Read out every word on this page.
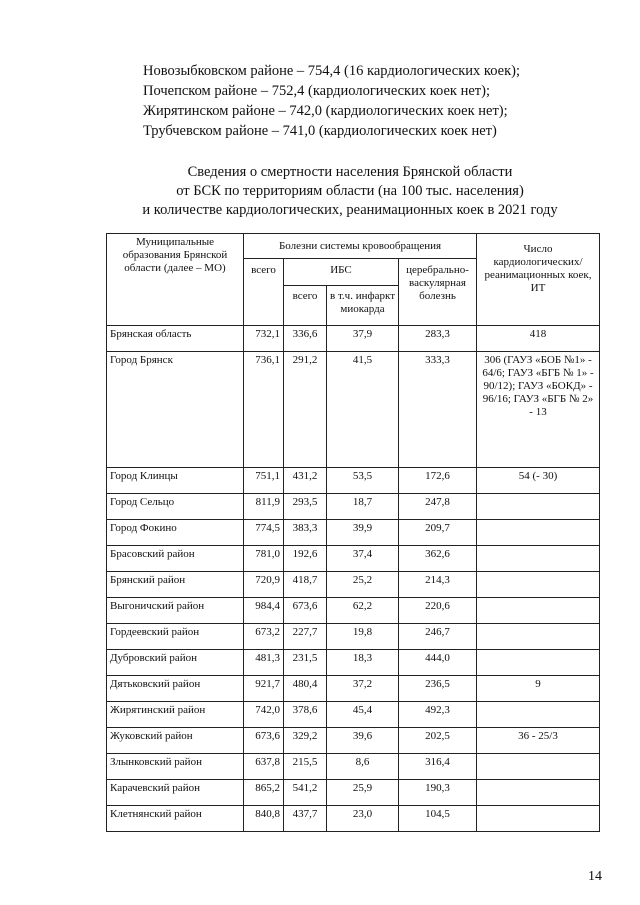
Новозыбковском районе – 754,4 (16 кардиологических коек);
Почепском районе – 752,4 (кардиологических коек нет);
Жирятинском районе – 742,0 (кардиологических коек нет);
Трубчевском районе – 741,0 (кардиологических коек нет)
Сведения о смертности населения Брянской области
от БСК по территориям области (на 100 тыс. населения)
и количестве кардиологических, реанимационных коек в 2021 году
Муниципальные образования Брянской области (далее – МО)	Болезни системы кровообращения				Число кардиологических/ реанимационных коек, ИТ
	всего	ИБС		церебрально-васкулярная болезнь	
		всего	в т.ч. инфаркт миокарда		
Брянская область	732,1	336,6	37,9	283,3	418
Город Брянск	736,1	291,2	41,5	333,3	306 (ГАУЗ «БОБ №1» - 64/6; ГАУЗ «БГБ № 1» - 90/12); ГАУЗ «БОКД» - 96/16; ГАУЗ «БГБ № 2» - 13
Город Клинцы	751,1	431,2	53,5	172,6	54 (- 30)
Город Сельцо	811,9	293,5	18,7	247,8	
Город Фокино	774,5	383,3	39,9	209,7	
Брасовский район	781,0	192,6	37,4	362,6	
Брянский район	720,9	418,7	25,2	214,3	
Выгоничский район	984,4	673,6	62,2	220,6	
Гордеевский район	673,2	227,7	19,8	246,7	
Дубровский район	481,3	231,5	18,3	444,0	
Дятьковский район	921,7	480,4	37,2	236,5	9
Жирятинский район	742,0	378,6	45,4	492,3	
Жуковский район	673,6	329,2	39,6	202,5	36 - 25/3
Злынковский район	637,8	215,5	8,6	316,4	
Карачевский район	865,2	541,2	25,9	190,3	
Клетнянский район	840,8	437,7	23,0	104,5	
14
